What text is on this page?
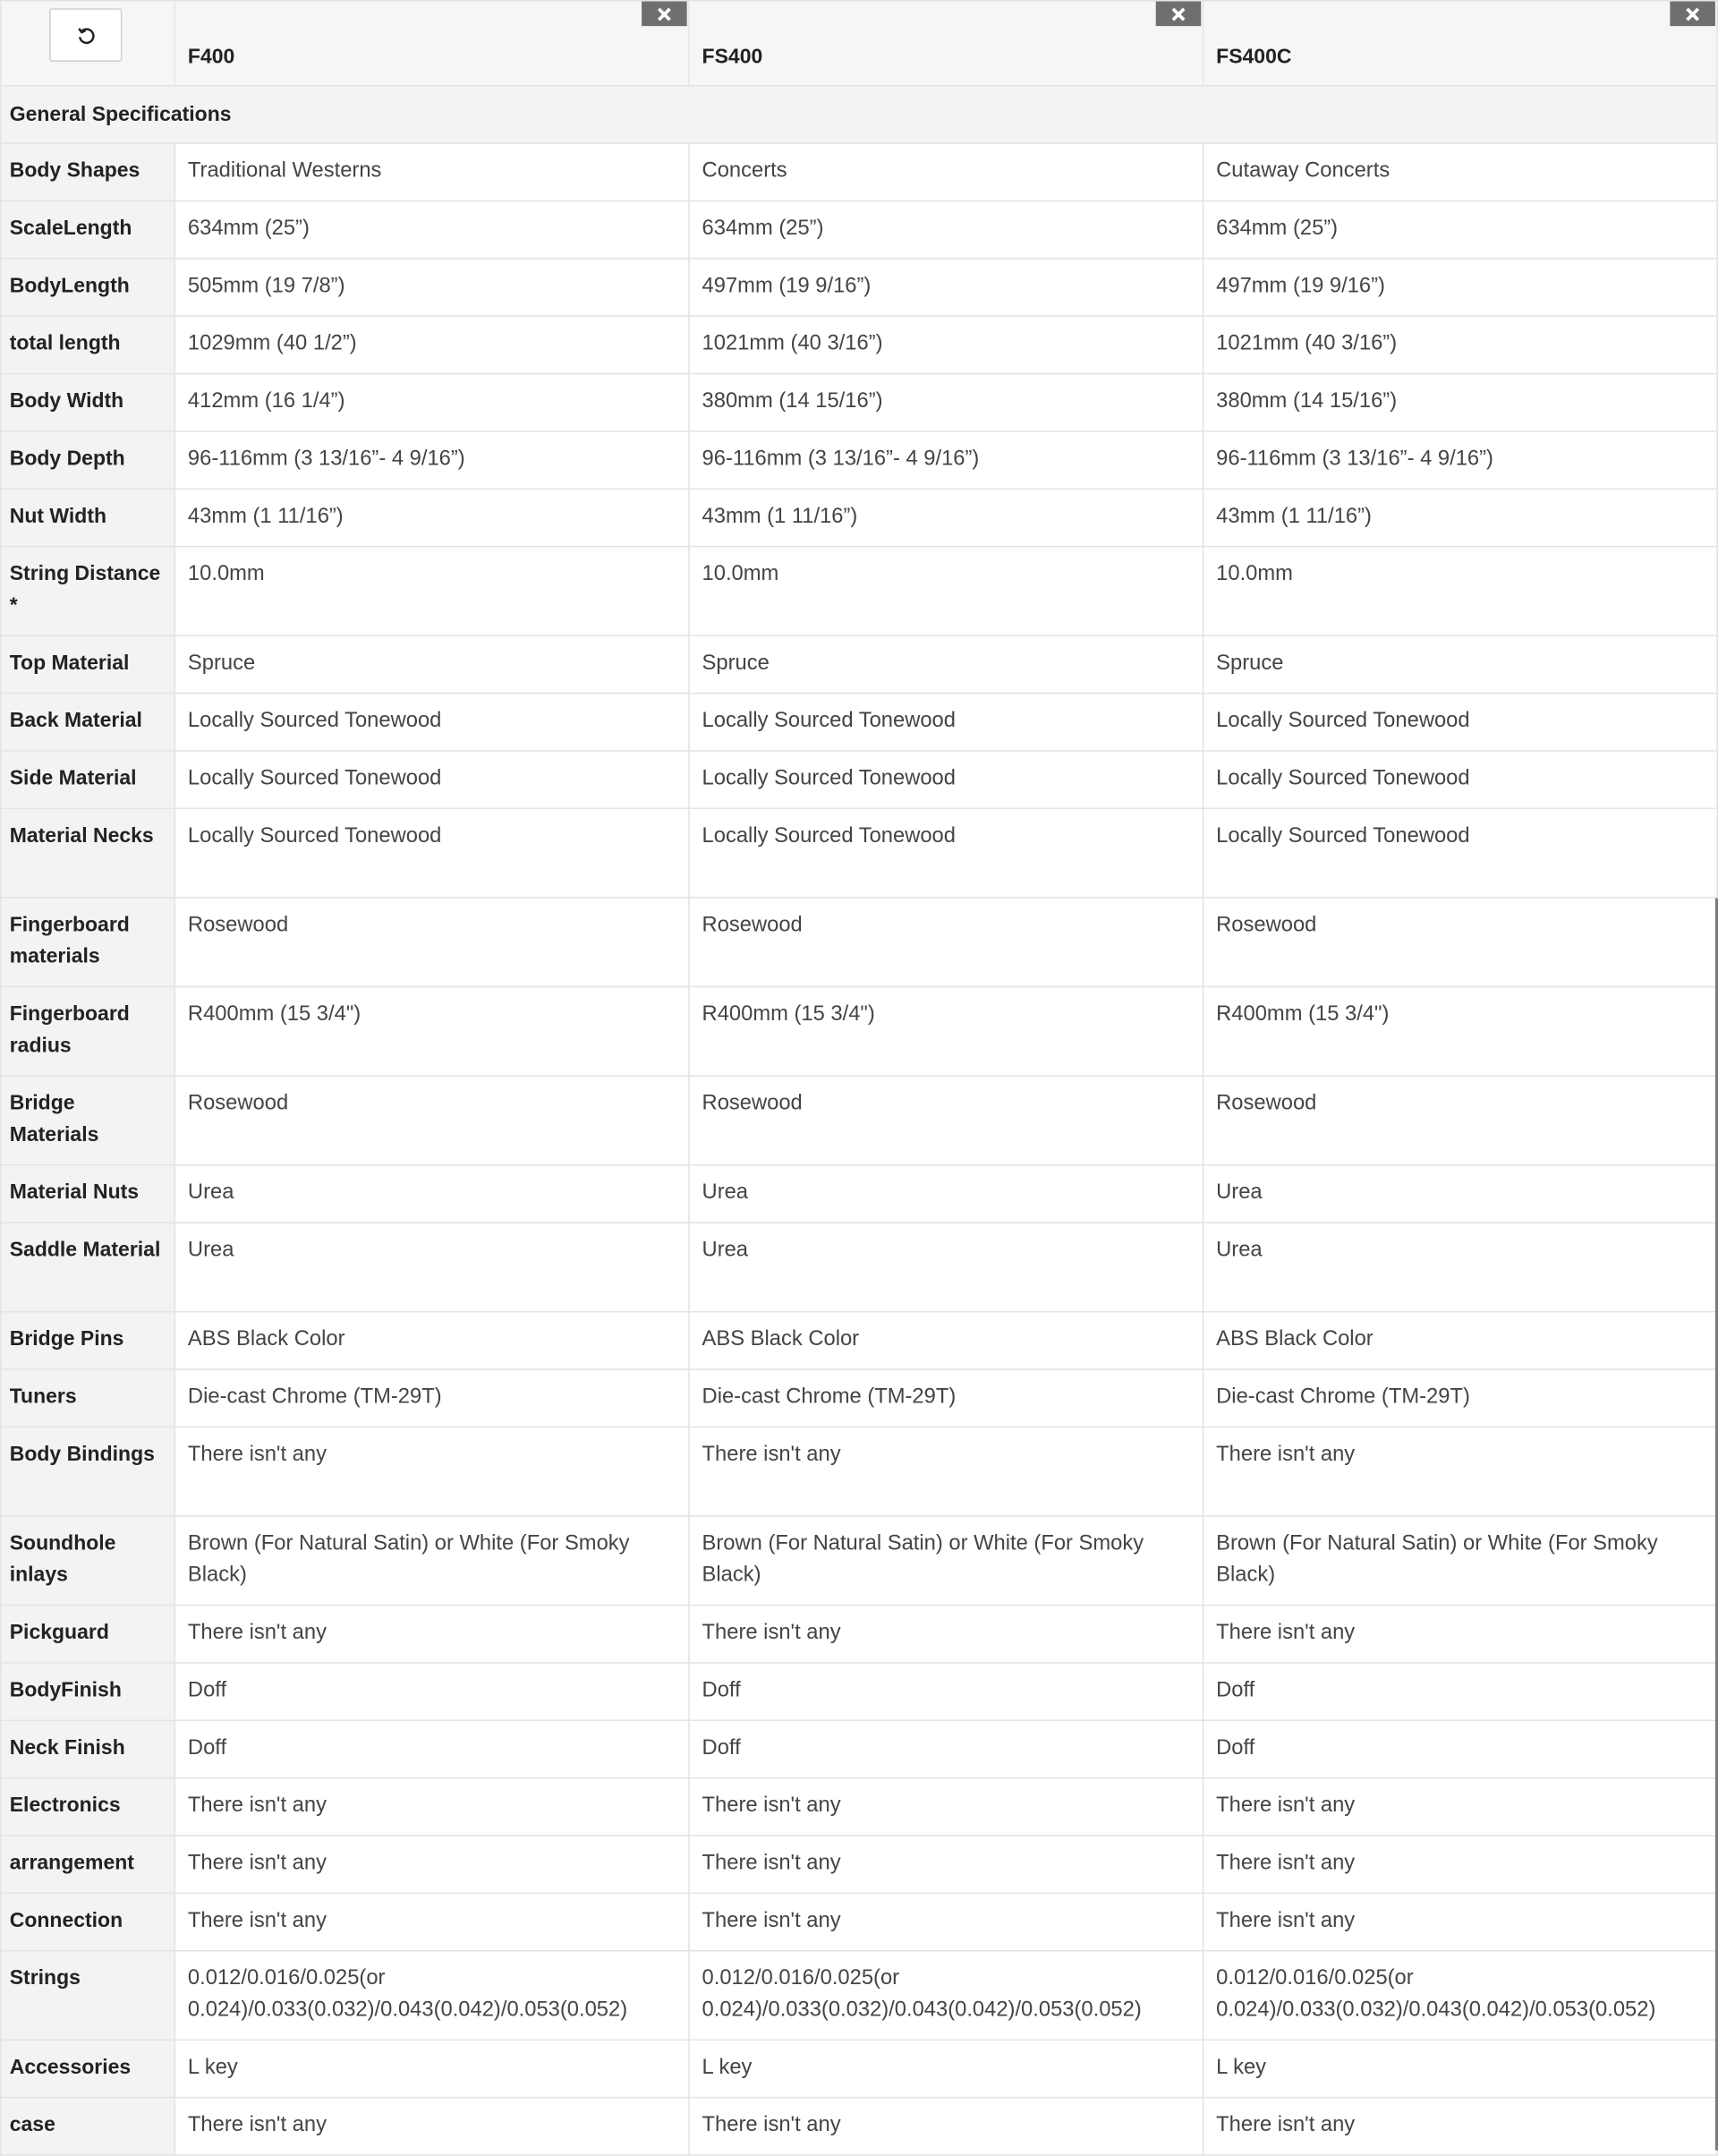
F400	FS400	FS400C

General Specifications			
Body Shapes	Traditional Westerns	Concerts	Cutaway Concerts
ScaleLength	634mm (25”)	634mm (25”)	634mm (25”)
BodyLength	505mm (19 7/8”)	497mm (19 9/16”)	497mm (19 9/16”)
total length	1029mm (40 1/2”)	1021mm (40 3/16”)	1021mm (40 3/16”)
Body Width	412mm (16 1/4”)	380mm (14 15/16”)	380mm (14 15/16”)
Body Depth	96-116mm (3 13/16”- 4 9/16”)	96-116mm (3 13/16”- 4 9/16”)	96-116mm (3 13/16”- 4 9/16”)
Nut Width	43mm (1 11/16”)	43mm (1 11/16”)	43mm (1 11/16”)
String Distance *	10.0mm	10.0mm	10.0mm
Top Material	Spruce	Spruce	Spruce
Back Material	Locally Sourced Tonewood	Locally Sourced Tonewood	Locally Sourced Tonewood
Side Material	Locally Sourced Tonewood	Locally Sourced Tonewood	Locally Sourced Tonewood
Material Necks	Locally Sourced Tonewood	Locally Sourced Tonewood	Locally Sourced Tonewood
Fingerboard materials	Rosewood	Rosewood	Rosewood
Fingerboard radius	R400mm (15 3/4")	R400mm (15 3/4")	R400mm (15 3/4")
Bridge Materials	Rosewood	Rosewood	Rosewood
Material Nuts	Urea	Urea	Urea
Saddle Material	Urea	Urea	Urea
Bridge Pins	ABS Black Color	ABS Black Color	ABS Black Color
Tuners	Die-cast Chrome (TM-29T)	Die-cast Chrome (TM-29T)	Die-cast Chrome (TM-29T)
Body Bindings	There isn't any	There isn't any	There isn't any
Soundhole inlays	Brown (For Natural Satin) or White (For Smoky Black)	Brown (For Natural Satin) or White (For Smoky Black)	Brown (For Natural Satin) or White (For Smoky Black)
Pickguard	There isn't any	There isn't any	There isn't any
BodyFinish	Doff	Doff	Doff
Neck Finish	Doff	Doff	Doff
Electronics	There isn't any	There isn't any	There isn't any
arrangement	There isn't any	There isn't any	There isn't any
Connection	There isn't any	There isn't any	There isn't any
Strings	0.012/0.016/0.025(or 0.024)/0.033(0.032)/0.043(0.042)/0.053(0.052)	0.012/0.016/0.025(or 0.024)/0.033(0.032)/0.043(0.042)/0.053(0.052)	0.012/0.016/0.025(or 0.024)/0.033(0.032)/0.043(0.042)/0.053(0.052)
Accessories	L key	L key	L key
case	There isn't any	There isn't any	There isn't any
